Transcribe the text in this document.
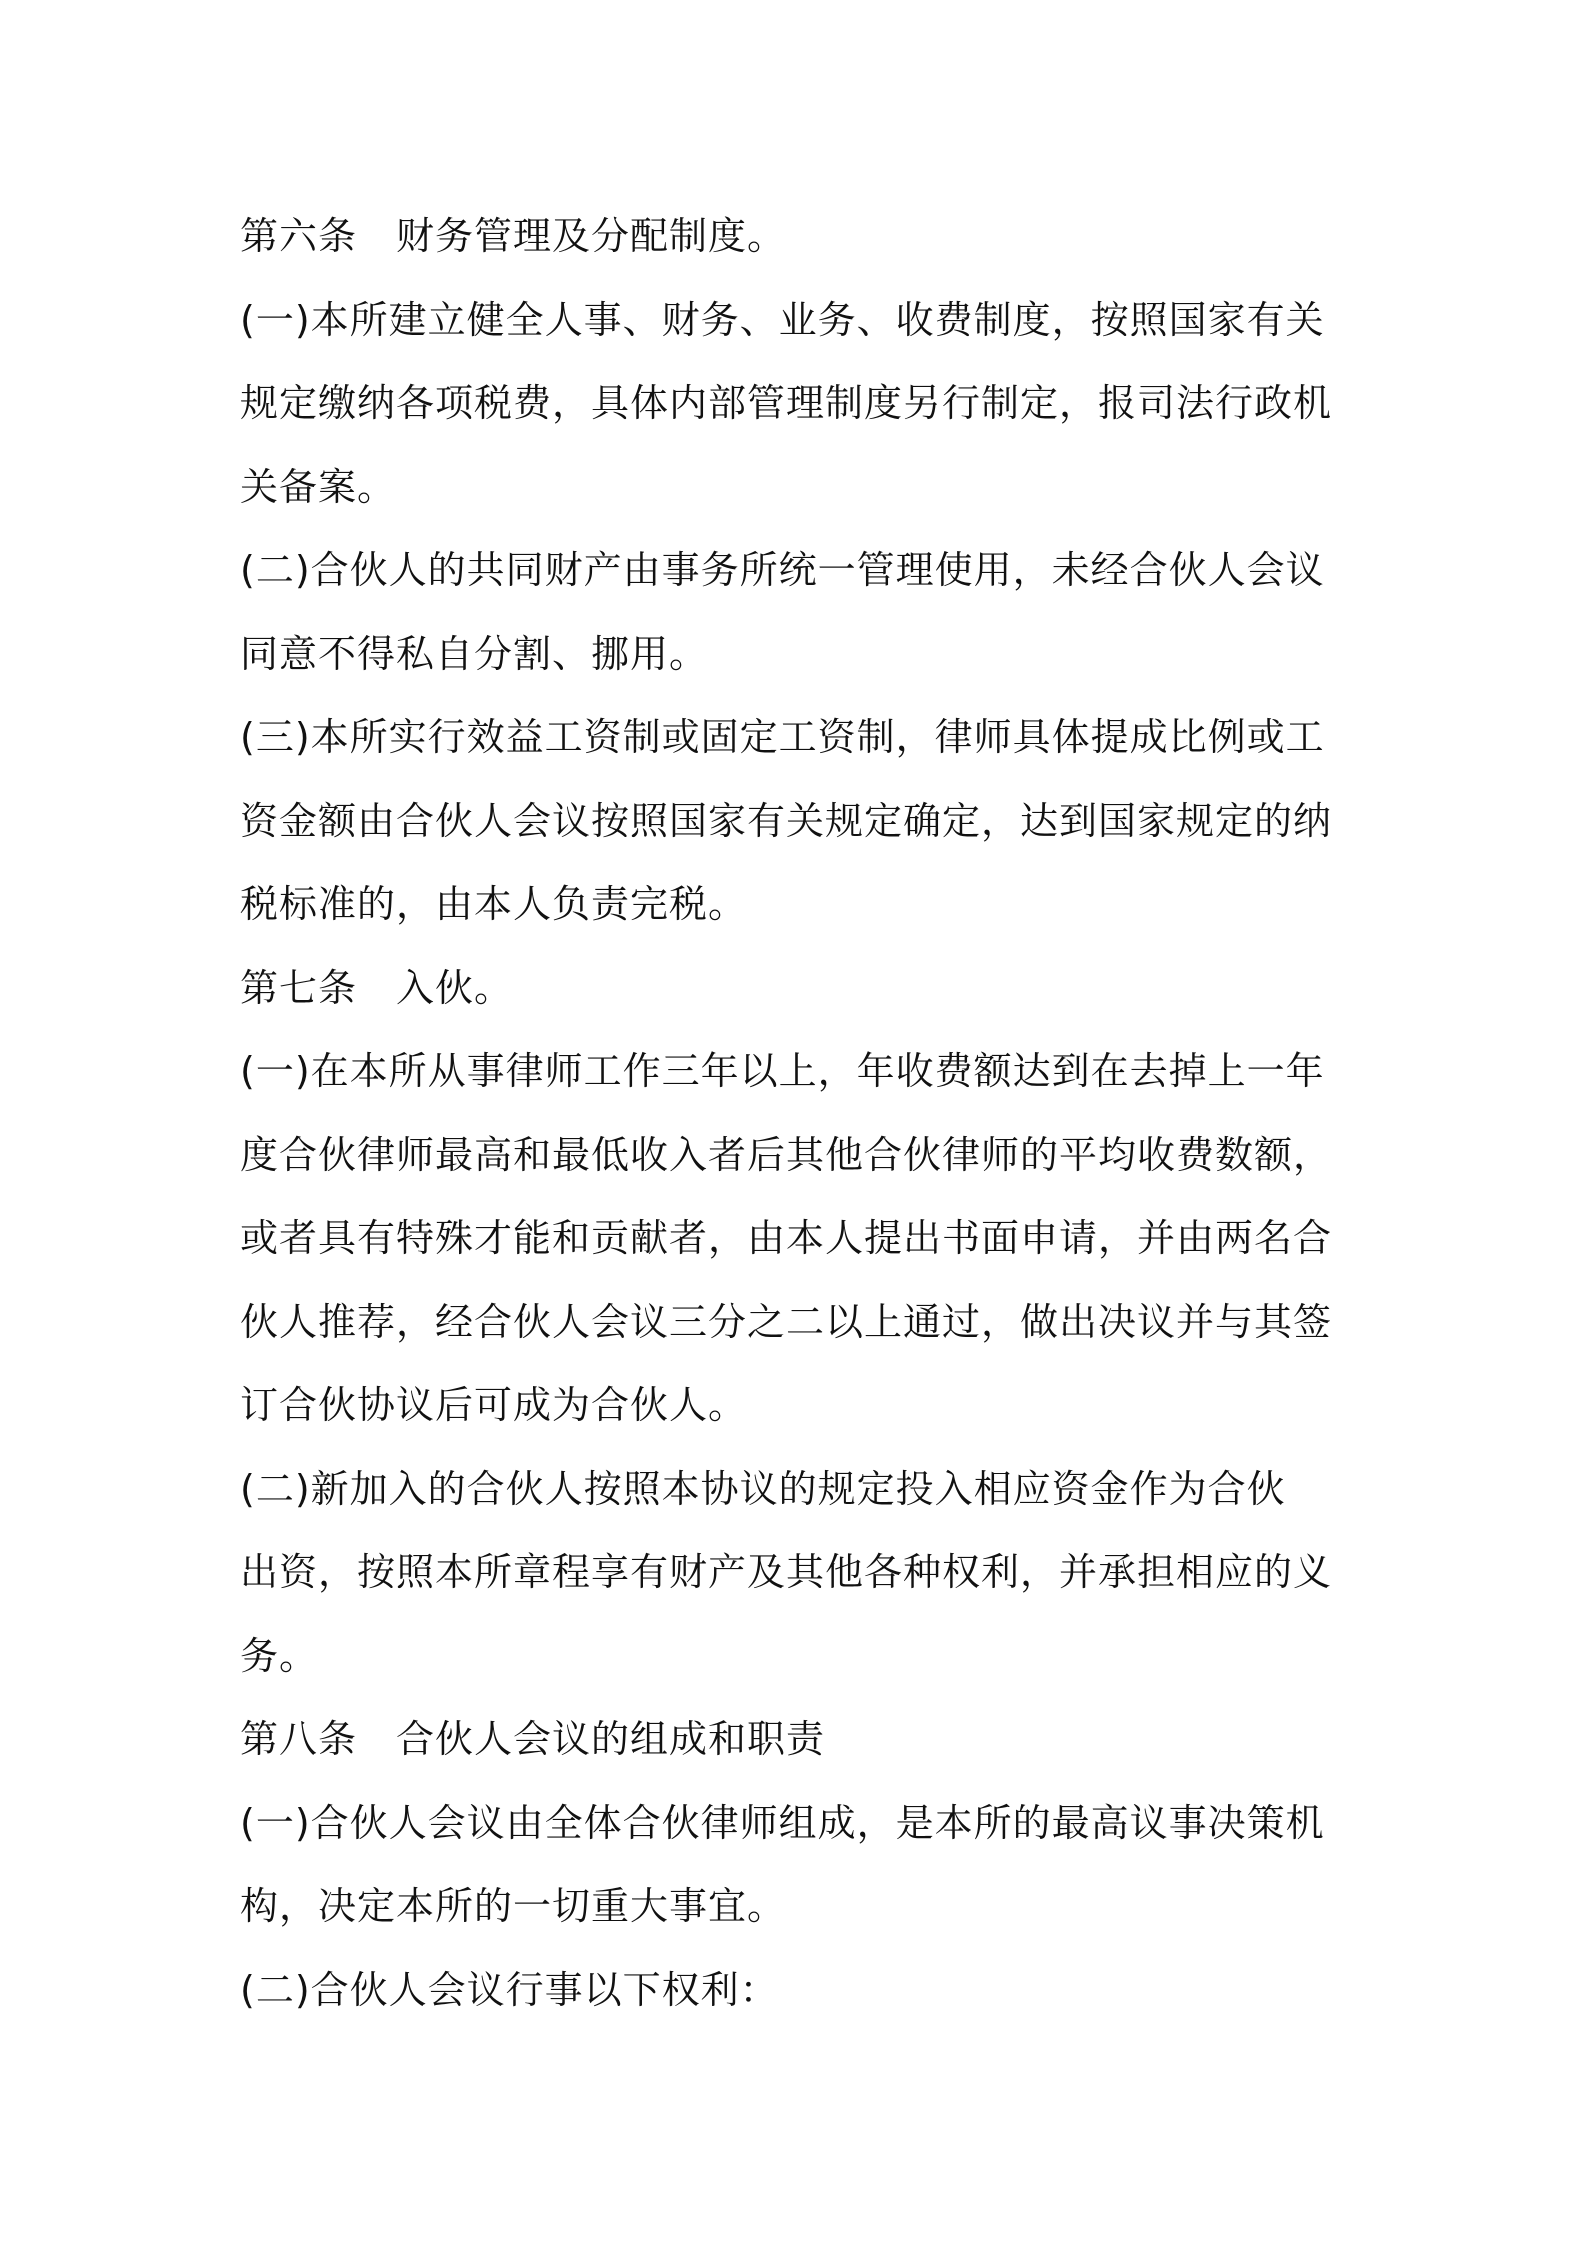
第六条　财务管理及分配制度。
(一)本所建立健全人事、财务、业务、收费制度，按照国家有关
规定缴纳各项税费，具体内部管理制度另行制定，报司法行政机
关备案。
(二)合伙人的共同财产由事务所统一管理使用，未经合伙人会议
同意不得私自分割、挪用。
(三)本所实行效益工资制或固定工资制，律师具体提成比例或工
资金额由合伙人会议按照国家有关规定确定，达到国家规定的纳
税标准的，由本人负责完税。
第七条　入伙。
(一)在本所从事律师工作三年以上，年收费额达到在去掉上一年
度合伙律师最高和最低收入者后其他合伙律师的平均收费数额，
或者具有特殊才能和贡献者，由本人提出书面申请，并由两名合
伙人推荐，经合伙人会议三分之二以上通过，做出决议并与其签
订合伙协议后可成为合伙人。
(二)新加入的合伙人按照本协议的规定投入相应资金作为合伙
出资，按照本所章程享有财产及其他各种权利，并承担相应的义
务。
第八条　合伙人会议的组成和职责
(一)合伙人会议由全体合伙律师组成，是本所的最高议事决策机
构，决定本所的一切重大事宜。
(二)合伙人会议行事以下权利：
